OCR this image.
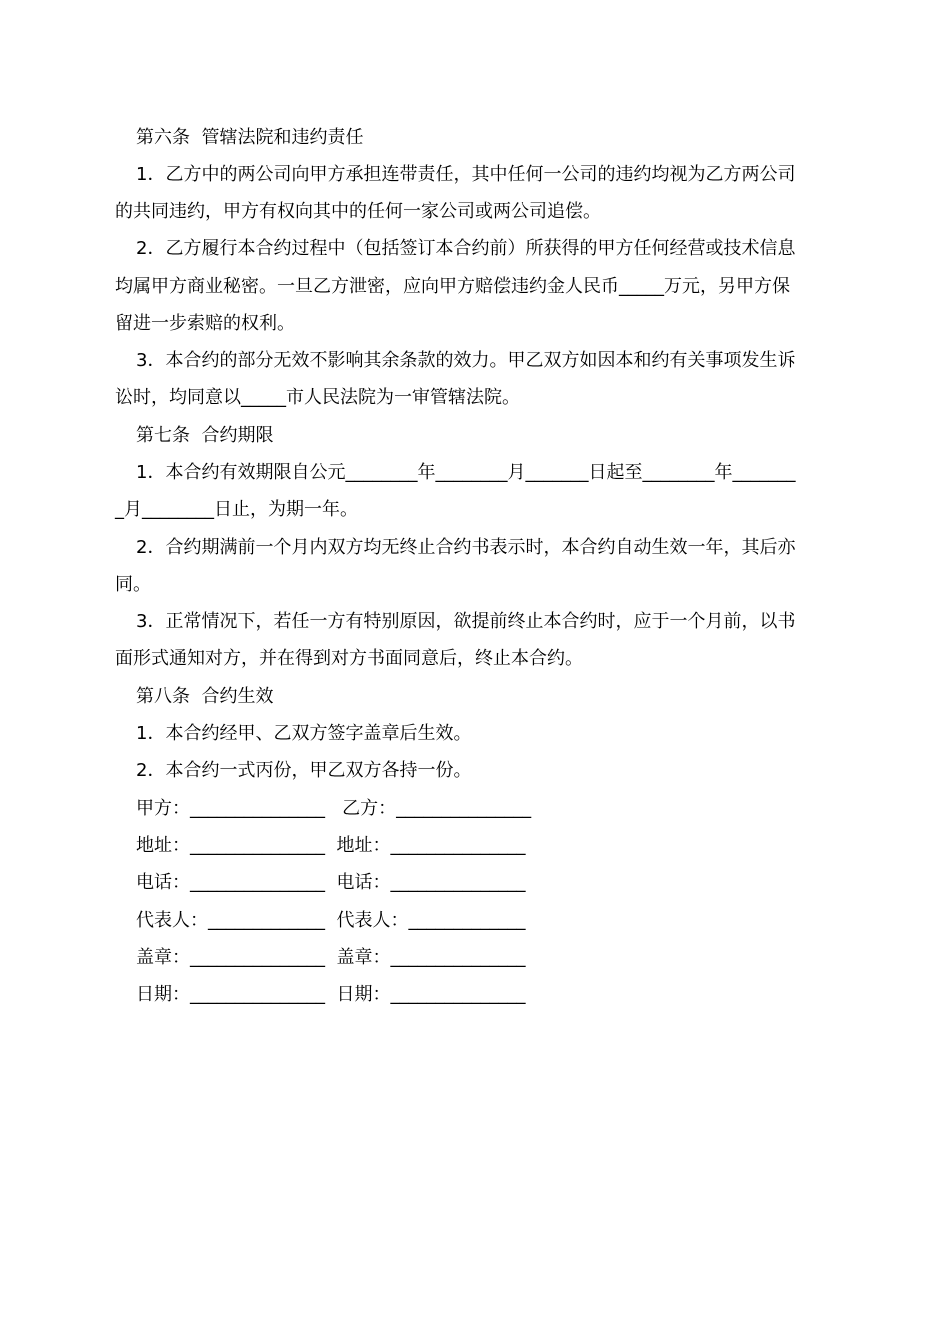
第六条  管辖法院和违约责任
1．乙方中的两公司向甲方承担连带责任，其中任何一公司的违约均视为乙方两公司
的共同违约，甲方有权向其中的任何一家公司或两公司追偿。
2．乙方履行本合约过程中（包括签订本合约前）所获得的甲方任何经营或技术信息
均属甲方商业秘密。一旦乙方泄密，应向甲方赔偿违约金人民币_____万元，另甲方保
留进一步索赔的权利。
3．本合约的部分无效不影响其余条款的效力。甲乙双方如因本和约有关事项发生诉
讼时，均同意以_____市人民法院为一审管辖法院。
第七条  合约期限
1．本合约有效期限自公元________年________月_______日起至________年_______
_月________日止，为期一年。
2．合约期满前一个月内双方均无终止合约书表示时，本合约自动生效一年，其后亦
同。
3．正常情况下，若任一方有特别原因，欲提前终止本合约时，应于一个月前，以书
面形式通知对方，并在得到对方书面同意后，终止本合约。
第八条  合约生效
1．本合约经甲、乙双方签字盖章后生效。
2．本合约一式丙份，甲乙双方各持一份。
甲方：_______________   乙方：_______________
地址：_______________  地址：_______________
电话：_______________  电话：_______________
代表人：_____________  代表人：_____________
盖章：_______________  盖章：_______________
日期：_______________  日期：_______________
